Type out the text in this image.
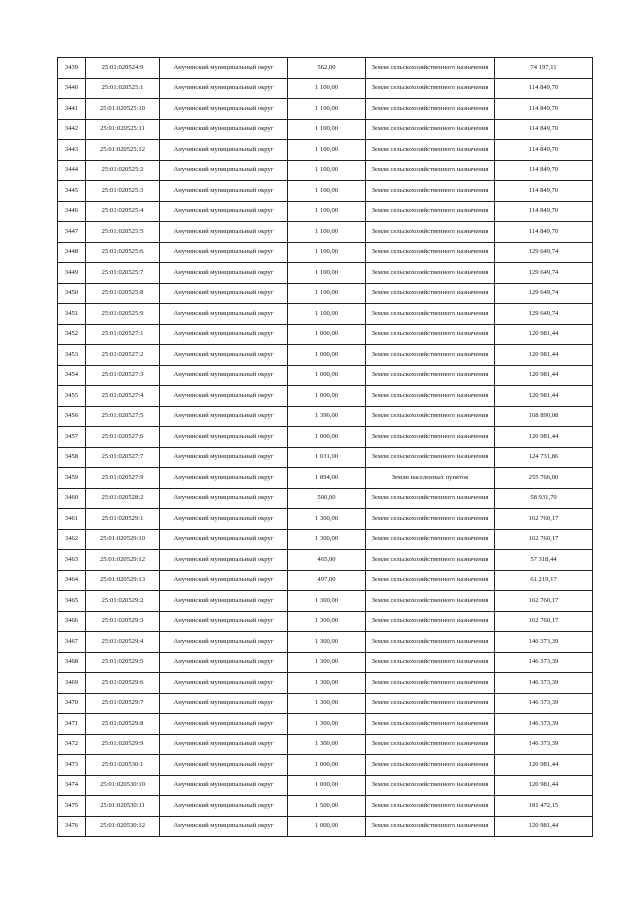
3439	25:01:020524:9	Анучинский муниципальный округ	562,00	Земли сельскохозяйственного назначения	74 197,11
3440	25:01:020525:1	Анучинский муниципальный округ	1 100,00	Земли сельскохозяйственного назначения	114 849,70
3441	25:01:020525:10	Анучинский муниципальный округ	1 100,00	Земли сельскохозяйственного назначения	114 849,70
3442	25:01:020525:11	Анучинский муниципальный округ	1 100,00	Земли сельскохозяйственного назначения	114 849,70
3443	25:01:020525:12	Анучинский муниципальный округ	1 100,00	Земли сельскохозяйственного назначения	114 849,70
3444	25:01:020525:2	Анучинский муниципальный округ	1 100,00	Земли сельскохозяйственного назначения	114 849,70
3445	25:01:020525:3	Анучинский муниципальный округ	1 100,00	Земли сельскохозяйственного назначения	114 849,70
3446	25:01:020525:4	Анучинский муниципальный округ	1 100,00	Земли сельскохозяйственного назначения	114 849,70
3447	25:01:020525:5	Анучинский муниципальный округ	1 100,00	Земли сельскохозяйственного назначения	114 849,70
3448	25:01:020525:6	Анучинский муниципальный округ	1 100,00	Земли сельскохозяйственного назначения	129 649,74
3449	25:01:020525:7	Анучинский муниципальный округ	1 100,00	Земли сельскохозяйственного назначения	129 649,74
3450	25:01:020525:8	Анучинский муниципальный округ	1 100,00	Земли сельскохозяйственного назначения	129 649,74
3451	25:01:020525:9	Анучинский муниципальный округ	1 100,00	Земли сельскохозяйственного назначения	129 649,74
3452	25:01:020527:1	Анучинский муниципальный округ	1 000,00	Земли сельскохозяйственного назначения	120 981,44
3453	25:01:020527:2	Анучинский муниципальный округ	1 000,00	Земли сельскохозяйственного назначения	120 981,44
3454	25:01:020527:3	Анучинский муниципальный округ	1 000,00	Земли сельскохозяйственного назначения	120 981,44
3455	25:01:020527:4	Анучинский муниципальный округ	1 000,00	Земли сельскохозяйственного назначения	120 981,44
3456	25:01:020527:5	Анучинский муниципальный округ	1 396,00	Земли сельскохозяйственного назначения	168 890,08
3457	25:01:020527:6	Анучинский муниципальный округ	1 000,00	Земли сельскохозяйственного назначения	120 981,44
3458	25:01:020527:7	Анучинский муниципальный округ	1 031,00	Земли сельскохозяйственного назначения	124 731,86
3459	25:01:020527:9	Анучинский муниципальный округ	1 894,00	Земли населенных пунктов	255 766,00
3460	25:01:020528:2	Анучинский муниципальный округ	500,00	Земли сельскохозяйственного назначения	58 931,70
3461	25:01:020529:1	Анучинский муниципальный округ	1 300,00	Земли сельскохозяйственного назначения	162 760,17
3462	25:01:020529:10	Анучинский муниципальный округ	1 300,00	Земли сельскохозяйственного назначения	162 760,17
3463	25:01:020529:12	Анучинский муниципальный округ	465,00	Земли сельскохозяйственного назначения	57 318,44
3464	25:01:020529:13	Анучинский муниципальный округ	497,00	Земли сельскохозяйственного назначения	61 219,17
3465	25:01:020529:2	Анучинский муниципальный округ	1 300,00	Земли сельскохозяйственного назначения	162 760,17
3466	25:01:020529:3	Анучинский муниципальный округ	1 300,00	Земли сельскохозяйственного назначения	162 760,17
3467	25:01:020529:4	Анучинский муниципальный округ	1 300,00	Земли сельскохозяйственного назначения	146 373,39
3468	25:01:020529:5	Анучинский муниципальный округ	1 300,00	Земли сельскохозяйственного назначения	146 373,39
3469	25:01:020529:6	Анучинский муниципальный округ	1 300,00	Земли сельскохозяйственного назначения	146 373,39
3470	25:01:020529:7	Анучинский муниципальный округ	1 300,00	Земли сельскохозяйственного назначения	146 373,39
3471	25:01:020529:8	Анучинский муниципальный округ	1 300,00	Земли сельскохозяйственного назначения	146 373,39
3472	25:01:020529:9	Анучинский муниципальный округ	1 300,00	Земли сельскохозяйственного назначения	146 373,39
3473	25:01:020530:1	Анучинский муниципальный округ	1 000,00	Земли сельскохозяйственного назначения	120 981,44
3474	25:01:020530:10	Анучинский муниципальный округ	1 000,00	Земли сельскохозяйственного назначения	120 981,44
3475	25:01:020530:11	Анучинский муниципальный округ	1 500,00	Земли сельскохозяйственного назначения	181 472,15
3476	25:01:020530:12	Анучинский муниципальный округ	1 000,00	Земли сельскохозяйственного назначения	120 981,44
